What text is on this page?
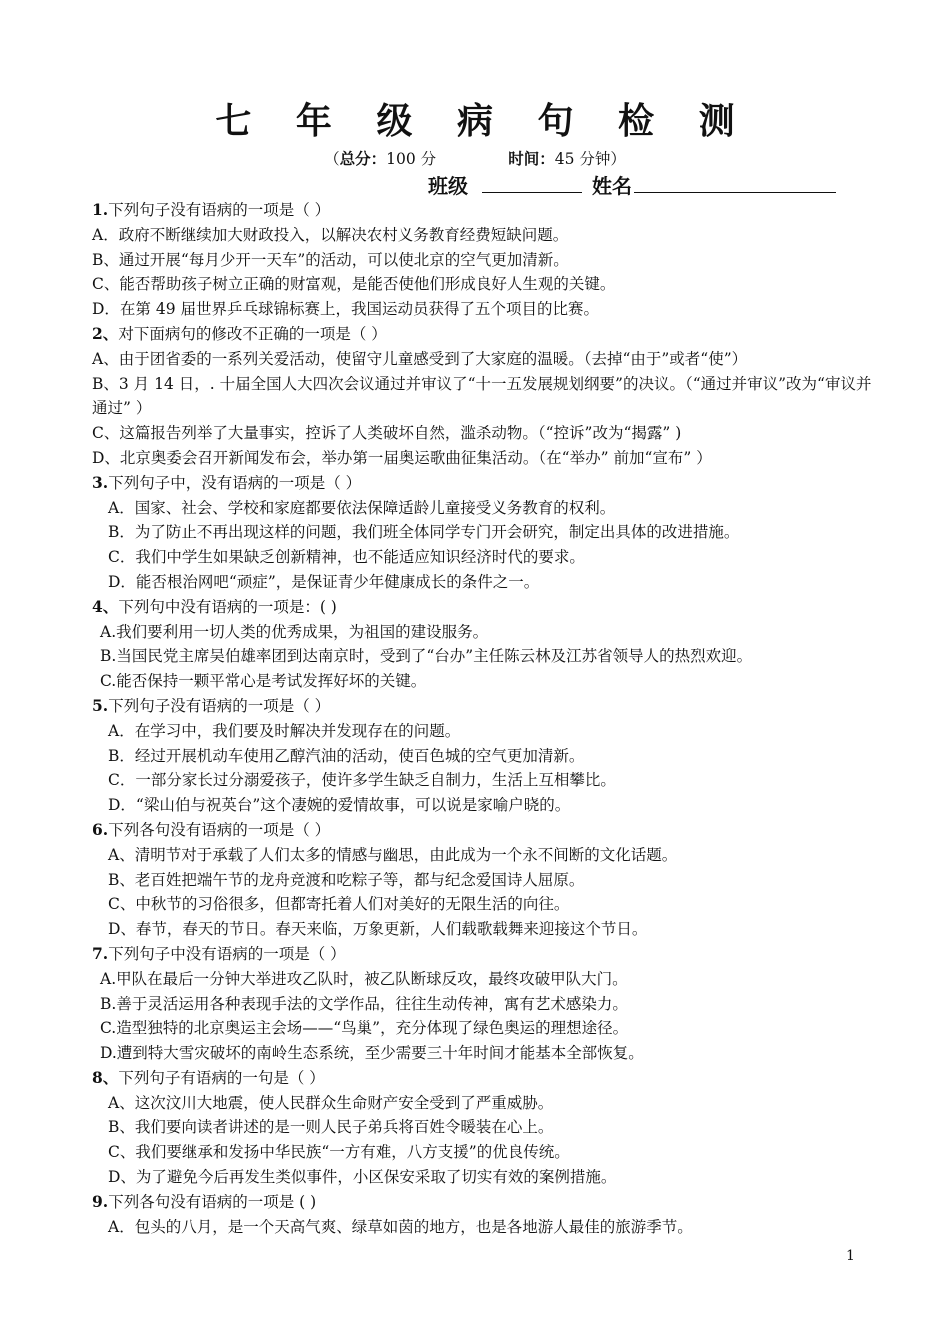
七 年 级 病 句 检 测
（总分：100 分	时间：45 分钟）
班级	姓名
1.下列句子没有语病的一项是（ ）
A．政府不断继续加大财政投入，以解决农村义务教育经费短缺问题。
B、通过开展“每月少开一天车”的活动，可以使北京的空气更加清新。
C、能否帮助孩子树立正确的财富观，是能否使他们形成良好人生观的关键。
D．在第 49 届世界乒乓球锦标赛上，我国运动员获得了五个项目的比赛。
2、对下面病句的修改不正确的一项是（ ）
A、由于团省委的一系列关爱活动，使留守儿童感受到了大家庭的温暖。（去掉“由于”或者“使”）
B、3 月 14 日，. 十届全国人大四次会议通过并审议了“十一五发展规划纲要”的决议。（“通过并审议”改为“审议并通过” ）
C、这篇报告列举了大量事实，控诉了人类破坏自然，滥杀动物。（“控诉”改为“揭露” )
D、北京奥委会召开新闻发布会，举办第一届奥运歌曲征集活动。（在“举办” 前加“宣布” ）
3.下列句子中，没有语病的一项是（ ）
A．国家、社会、学校和家庭都要依法保障适龄儿童接受义务教育的权利。
B．为了防止不再出现这样的问题，我们班全体同学专门开会研究，制定出具体的改进措施。
C．我们中学生如果缺乏创新精神，也不能适应知识经济时代的要求。
D．能否根治网吧“顽症”，是保证青少年健康成长的条件之一。
4、下列句中没有语病的一项是：( )
A.我们要利用一切人类的优秀成果，为祖国的建设服务。
B.当国民党主席吴伯雄率团到达南京时，受到了“台办”主任陈云林及江苏省领导人的热烈欢迎。
C.能否保持一颗平常心是考试发挥好坏的关键。
5.下列句子没有语病的一项是（ ）
A．在学习中，我们要及时解决并发现存在的问题。
B．经过开展机动车使用乙醇汽油的活动，使百色城的空气更加清新。
C．一部分家长过分溺爱孩子，使许多学生缺乏自制力，生活上互相攀比。
D．“梁山伯与祝英台”这个凄婉的爱情故事，可以说是家喻户晓的。
6.下列各句没有语病的一项是（ ）
A、清明节对于承载了人们太多的情感与幽思，由此成为一个永不间断的文化话题。
B、老百姓把端午节的龙舟竞渡和吃粽子等，都与纪念爱国诗人屈原。
C、中秋节的习俗很多，但都寄托着人们对美好的无限生活的向往。
D、春节，春天的节日。春天来临，万象更新，人们载歌载舞来迎接这个节日。
7.下列句子中没有语病的一项是（ ）
A.甲队在最后一分钟大举进攻乙队时，被乙队断球反攻，最终攻破甲队大门。
B.善于灵活运用各种表现手法的文学作品，往往生动传神，寓有艺术感染力。
C.造型独特的北京奥运主会场——“鸟巢”，充分体现了绿色奥运的理想途径。
D.遭到特大雪灾破坏的南岭生态系统，至少需要三十年时间才能基本全部恢复。
8、下列句子有语病的一句是（ ）
A、这次汶川大地震，使人民群众生命财产安全受到了严重威胁。
B、我们要向读者讲述的是一则人民子弟兵将百姓令暖装在心上。
C、我们要继承和发扬中华民族“一方有难，八方支援”的优良传统。
D、为了避免今后再发生类似事件，小区保安采取了切实有效的案例措施。
9.下列各句没有语病的一项是 ( )
A．包头的八月，是一个天高气爽、绿草如茵的地方，也是各地游人最佳的旅游季节。
1
